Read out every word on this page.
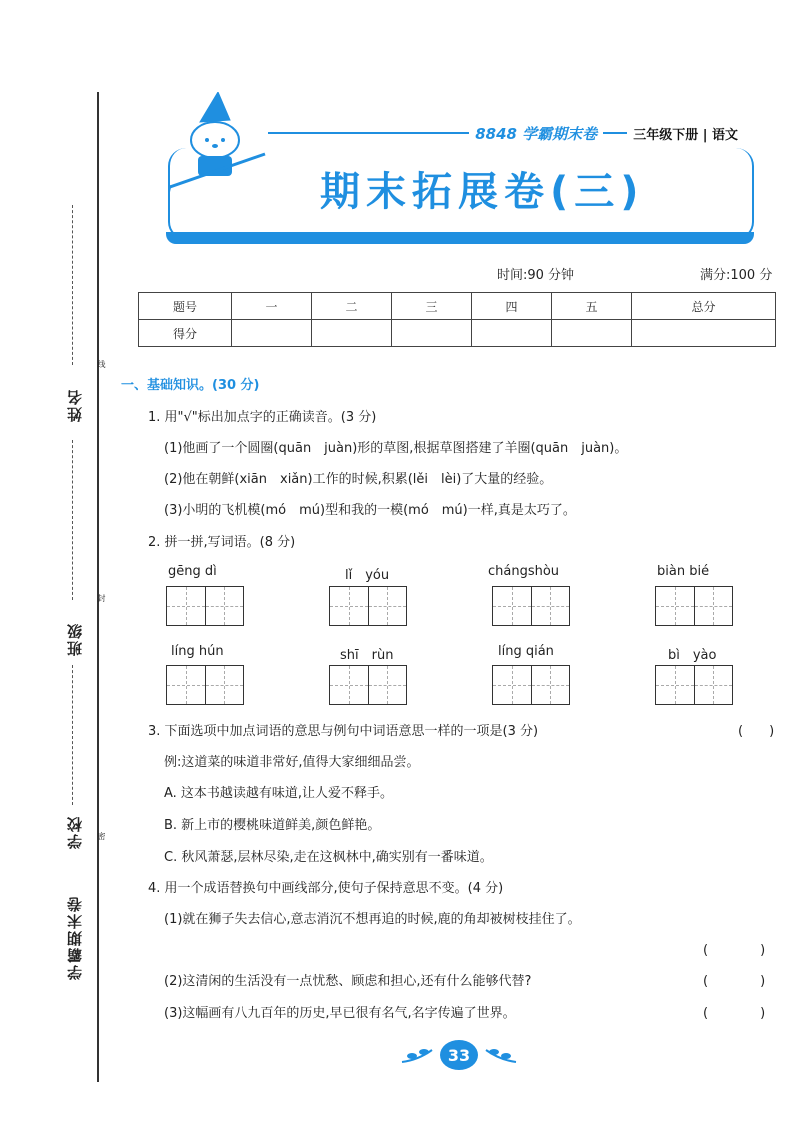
姓名
线
班级
封
学校 密
学霸期末卷
8848 学霸期末卷	三年级下册 | 语文
期末拓展卷(三)
时间:90 分钟	满分:100 分
题号	一	二	三	四	五	总分
得分						
一、基础知识。(30 分)
1. 用"√"标出加点字的正确读音。(3 分)
(1)他画了一个圆圈(quān　juàn)形的草图,根据草图搭建了羊圈(quān　juàn)。
(2)他在朝鲜(xiān　xiǎn)工作的时候,积累(lěi　lèi)了大量的经验。
(3)小明的飞机模(mó　mú)型和我的一模(mó　mú)一样,真是太巧了。
2. 拼一拼,写词语。(8 分)
gēng dì	lǐ　yóu	chángshòu	biàn bié
líng hún	shī　rùn	líng qián	bì　yào
3. 下面选项中加点词语的意思与例句中词语意思一样的一项是(3 分)	(　　)
例:这道菜的味道非常好,值得大家细细品尝。
A. 这本书越读越有味道,让人爱不释手。
B. 新上市的樱桃味道鲜美,颜色鲜艳。
C. 秋风萧瑟,层林尽染,走在这枫林中,确实别有一番味道。
4. 用一个成语替换句中画线部分,使句子保持意思不变。(4 分)
(1)就在狮子失去信心,意志消沉不想再追的时候,鹿的角却被树枝挂住了。
(　　　　)
(2)这清闲的生活没有一点忧愁、顾虑和担心,还有什么能够代替?	(　　　　)
(3)这幅画有八九百年的历史,早已很有名气,名字传遍了世界。	(　　　　)
33
